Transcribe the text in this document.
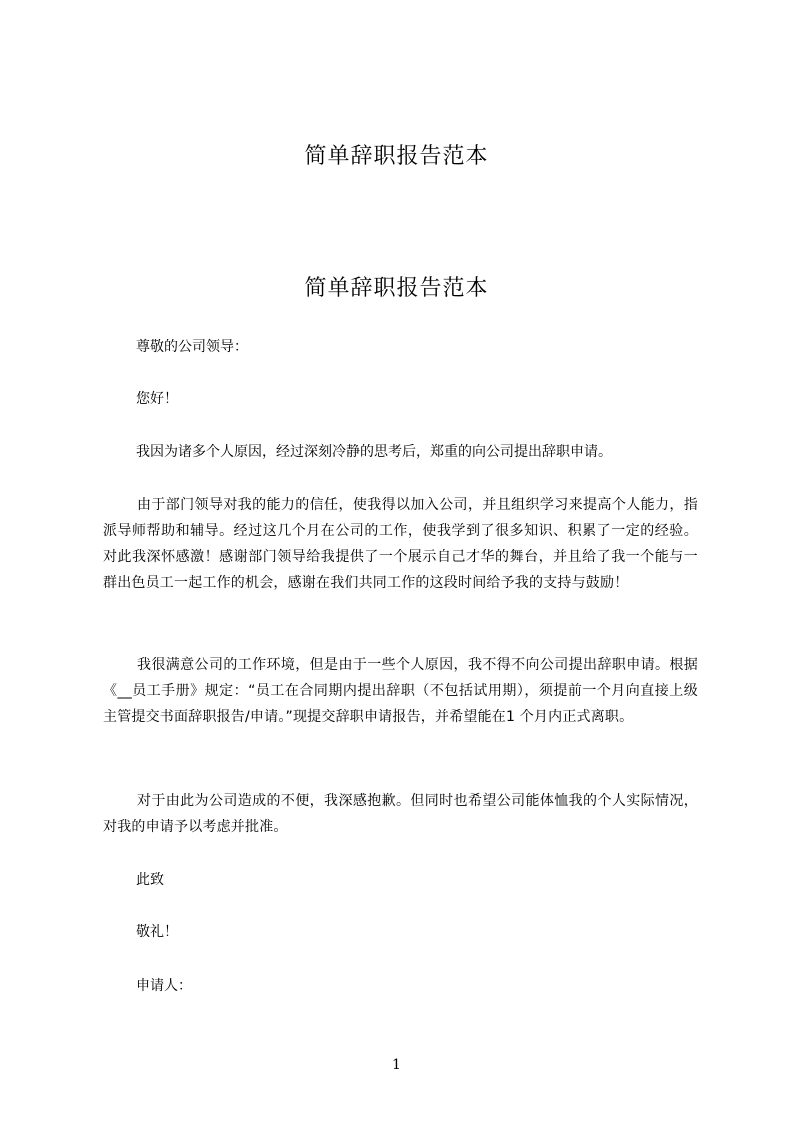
简单辞职报告范本
简单辞职报告范本

尊敬的公司领导：

您好！

我因为诸多个人原因，经过深刻冷静的思考后，郑重的向公司提出辞职申请。

由于部门领导对我的能力的信任，使我得以加入公司，并且组织学习来提高个人能力，指派导师帮助和辅导。经过这几个月在公司的工作，使我学到了很多知识、积累了一定的经验。对此我深怀感激！感谢部门领导给我提供了一个展示自己才华的舞台，并且给了我一个能与一群出色员工一起工作的机会，感谢在我们共同工作的这段时间给予我的支持与鼓励！

我很满意公司的工作环境，但是由于一些个人原因，我不得不向公司提出辞职申请。根据《__员工手册》规定：“员工在合同期内提出辞职（不包括试用期），须提前一个月向直接上级主管提交书面辞职报告/申请。”现提交辞职申请报告，并希望能在1 个月内正式离职。

对于由此为公司造成的不便，我深感抱歉。但同时也希望公司能体恤我的个人实际情况，对我的申请予以考虑并批准。

此致

敬礼！

申请人：

1
